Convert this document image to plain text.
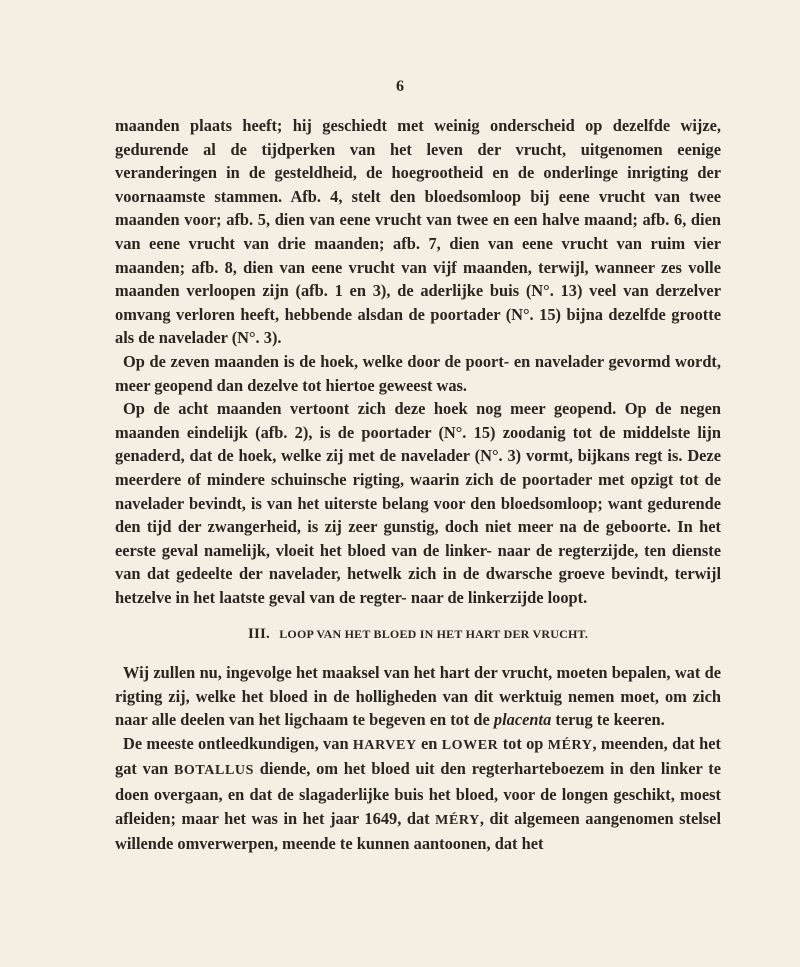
6

maanden plaats heeft; hij geschiedt met weinig onderscheid op dezelfde wijze, gedurende al de tijdperken van het leven der vrucht, uitgenomen eenige veranderingen in de gesteldheid, de hoegrootheid en de onderlinge inrigting der voornaamste stammen. Afb. 4, stelt den bloedsomloop bij eene vrucht van twee maanden voor; afb. 5, dien van eene vrucht van twee en een halve maand; afb. 6, dien van eene vrucht van drie maanden; afb. 7, dien van eene vrucht van ruim vier maanden; afb. 8, dien van eene vrucht van vijf maanden, terwijl, wanneer zes volle maanden verloopen zijn (afb. 1 en 3), de aderlijke buis (N°. 13) veel van derzelver omvang verloren heeft, hebbende alsdan de poortader (N°. 15) bijna dezelfde grootte als de navelader (N°. 3).

Op de zeven maanden is de hoek, welke door de poort- en navelader gevormd wordt, meer geopend dan dezelve tot hiertoe geweest was.

Op de acht maanden vertoont zich deze hoek nog meer geopend. Op de negen maanden eindelijk (afb. 2), is de poortader (N°. 15) zoodanig tot de middelste lijn genaderd, dat de hoek, welke zij met de navelader (N°. 3) vormt, bijkans regt is. Deze meerdere of mindere schuinsche rigting, waarin zich de poortader met opzigt tot de navelader bevindt, is van het uiterste belang voor den bloedsomloop; want gedurende den tijd der zwangerheid, is zij zeer gunstig, doch niet meer na de geboorte. In het eerste geval namelijk, vloeit het bloed van de linker- naar de regterzijde, ten dienste van dat gedeelte der navelader, hetwelk zich in de dwarsche groeve bevindt, terwijl hetzelve in het laatste geval van de regter- naar de linkerzijde loopt.

III. LOOP VAN HET BLOED IN HET HART DER VRUCHT.

Wij zullen nu, ingevolge het maaksel van het hart der vrucht, moeten bepalen, wat de rigting zij, welke het bloed in de holligheden van dit werktuig nemen moet, om zich naar alle deelen van het ligchaam te begeven en tot de placenta terug te keeren.

De meeste ontleedkundigen, van HARVEY en LOWER tot op MÉRY, meenden, dat het gat van BOTALLUS diende, om het bloed uit den regterharteboezem in den linker te doen overgaan, en dat de slagaderlijke buis het bloed, voor de longen geschikt, moest afleiden; maar het was in het jaar 1649, dat MÉRY, dit algemeen aangenomen stelsel willende omverwerpen, meende te kunnen aantoonen, dat het
